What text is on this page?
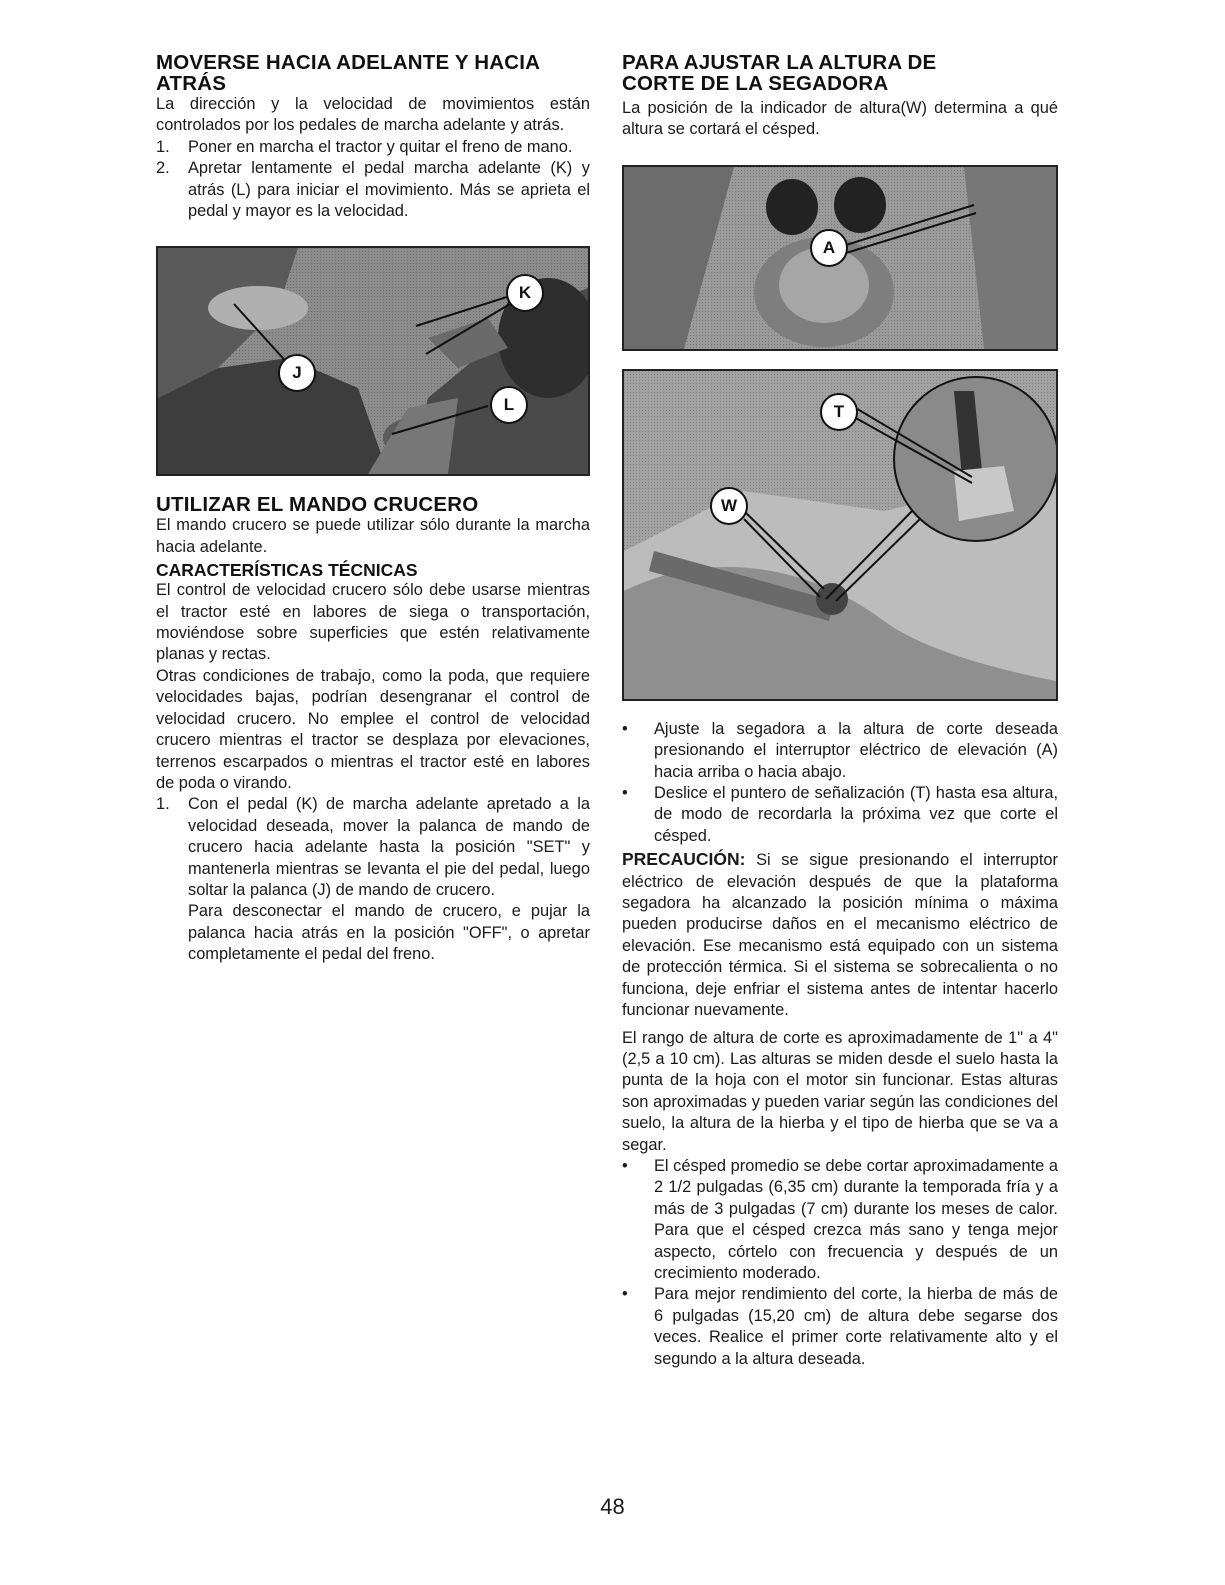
MOVERSE HACIA ADELANTE Y HACIA
ATRÁS

La dirección y la velocidad de movimientos están controlados por los pedales de marcha adelante y atrás.

1. Poner en marcha el tractor y quitar el freno de mano.
2. Apretar lentamente el pedal marcha adelante (K) y atrás (L) para iniciar el movimiento. Más se aprieta el pedal y mayor es la velocidad.
K
J
L
UTILIZAR EL MANDO CRUCERO

El mando crucero se puede utilizar sólo durante la marcha hacia adelante.

CARACTERÍSTICAS TÉCNICAS

El control de velocidad crucero sólo debe usarse mientras el tractor esté en labores de siega o transportación, moviéndose sobre superficies que estén relativamente planas y rectas.

Otras condiciones de trabajo, como la poda, que requiere velocidades bajas, podrían desengranar el control de velocidad crucero. No emplee el control de velocidad crucero mientras el tractor se desplaza por elevaciones, terrenos escarpados o mientras el tractor esté en labores de poda o virando.

1. Con el pedal (K) de marcha adelante apretado a la velocidad deseada, mover la palanca de mando de crucero hacia adelante hasta la posición "SET" y mantenerla mientras se levanta el pie del pedal, luego soltar la palanca (J) de mando de crucero.

Para desconectar el mando de crucero, e pujar la palanca hacia atrás en la posición "OFF", o apretar completamente el pedal del freno.

PARA AJUSTAR LA ALTURA DE
CORTE DE LA SEGADORA

La posición de la indicador de altura(W) determina a qué altura se cortará el césped.

A
T
W
• Ajuste la segadora a la altura de corte deseada presionando el interruptor eléctrico de elevación (A) hacia arriba o hacia abajo.
• Deslice el puntero de señalización (T) hasta esa altura, de modo de recordarla la próxima vez que corte el césped.

PRECAUCIÓN: Si se sigue presionando el interruptor eléctrico de elevación después de que la plataforma segadora ha alcanzado la posición mínima o máxima pueden producirse daños en el mecanismo eléctrico de elevación. Ese mecanismo está equipado con un sistema de protección térmica. Si el sistema se sobrecalienta o no funciona, deje enfriar el sistema antes de intentar hacerlo funcionar nuevamente.

El rango de altura de corte es aproximadamente de 1" a 4" (2,5 a 10 cm). Las alturas se miden desde el suelo hasta la punta de la hoja con el motor sin funcionar. Estas alturas son aproximadas y pueden variar según las condiciones del suelo, la altura de la hierba y el tipo de hierba que se va a segar.

• El césped promedio se debe cortar aproximadamente a 2 1/2 pulgadas (6,35 cm) durante la temporada fría y a más de 3 pulgadas (7 cm) durante los meses de calor. Para que el césped crezca más sano y tenga mejor aspecto, córtelo con frecuencia y después de un crecimiento moderado.
• Para mejor rendimiento del corte, la hierba de más de 6 pulgadas (15,20 cm) de altura debe segarse dos veces. Realice el primer corte relativamente alto y el segundo a la altura deseada.
48
